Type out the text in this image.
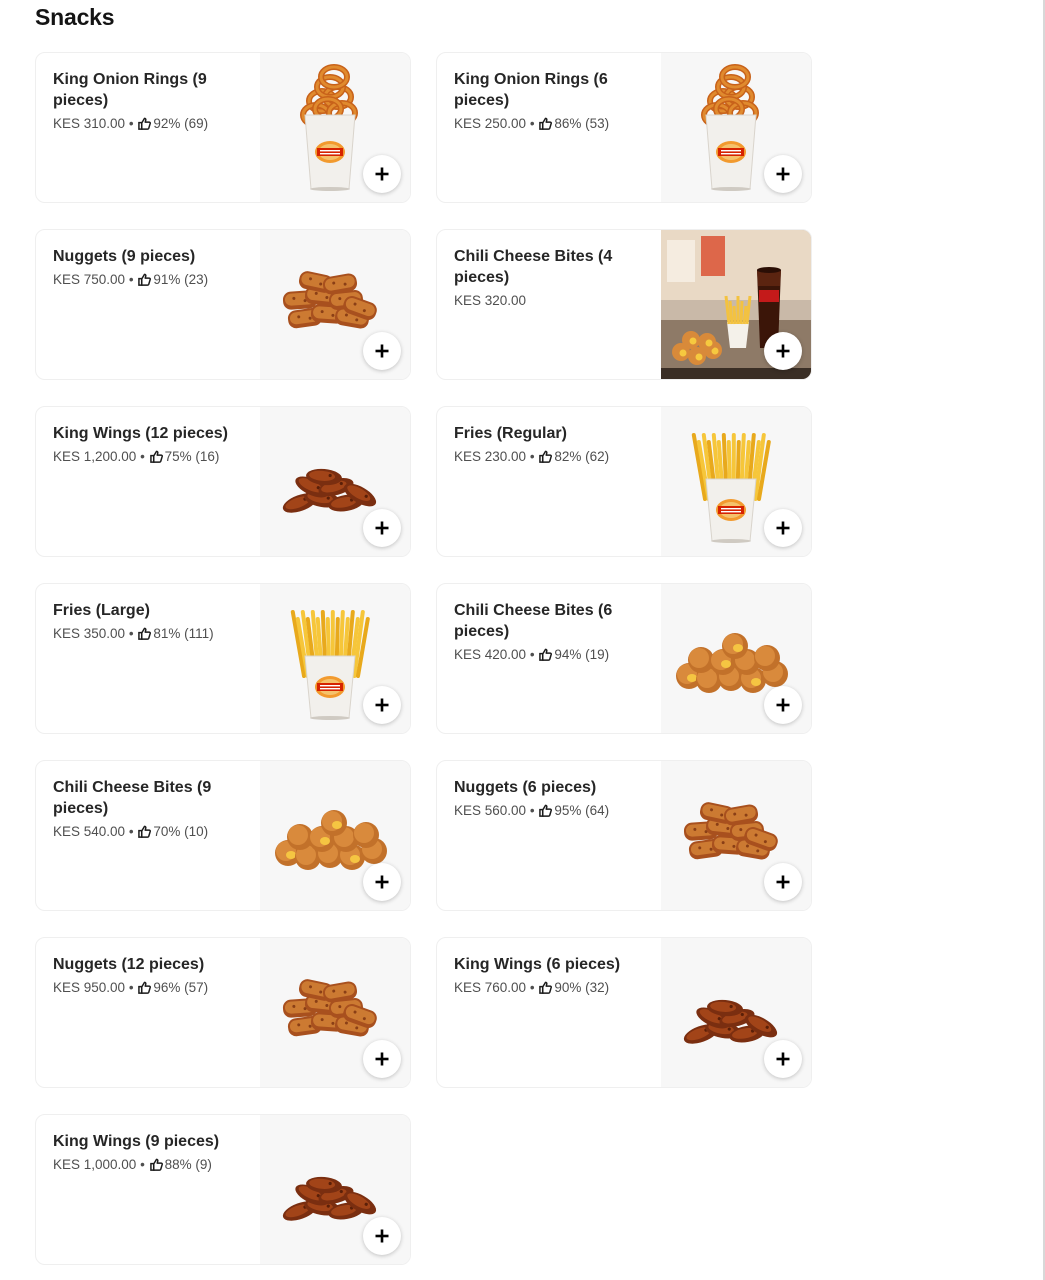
Snacks
King Onion Rings (9 pieces)
KES 310.00 • 92% (69)
King Onion Rings (6 pieces)
KES 250.00 • 86% (53)
Nuggets (9 pieces)
KES 750.00 • 91% (23)
Chili Cheese Bites (4 pieces)
KES 320.00
King Wings (12 pieces)
KES 1,200.00 • 75% (16)
Fries (Regular)
KES 230.00 • 82% (62)
Fries (Large)
KES 350.00 • 81% (111)
Chili Cheese Bites (6 pieces)
KES 420.00 • 94% (19)
Chili Cheese Bites (9 pieces)
KES 540.00 • 70% (10)
Nuggets (6 pieces)
KES 560.00 • 95% (64)
Nuggets (12 pieces)
KES 950.00 • 96% (57)
King Wings (6 pieces)
KES 760.00 • 90% (32)
King Wings (9 pieces)
KES 1,000.00 • 88% (9)
